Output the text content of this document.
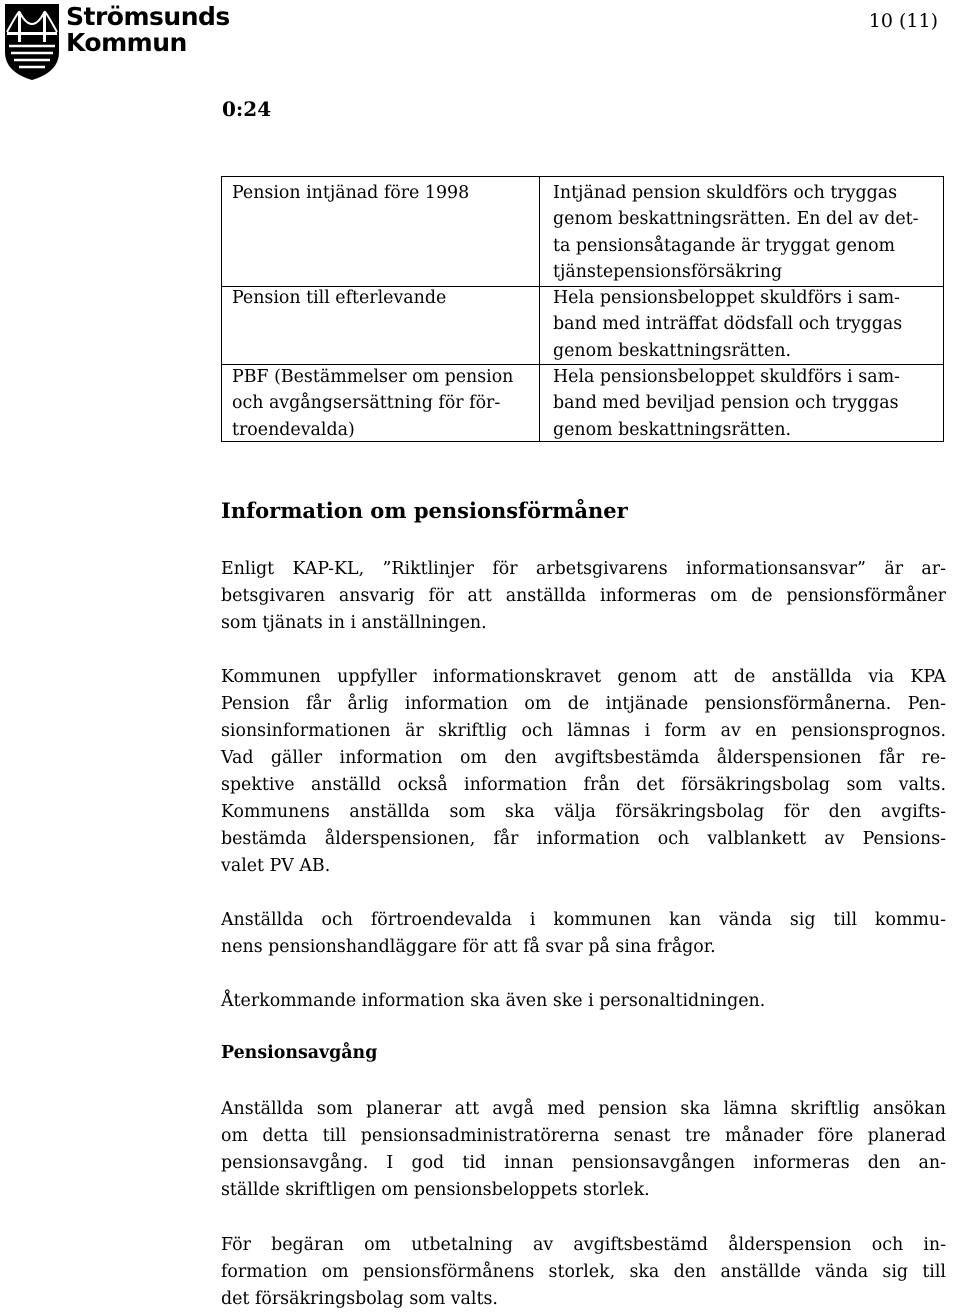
Strömsunds
Kommun
10 (11)
0:24
Pension intjänad före 1998	Intjänad pension skuldförs och tryggas
genom beskattningsrätten. En del av det-
ta pensionsåtagande är tryggat genom
tjänstepensionsförsäkring
Pension till efterlevande	Hela pensionsbeloppet skuldförs i sam-
band med inträffat dödsfall och tryggas
genom beskattningsrätten.
PBF (Bestämmelser om pension
och avgångsersättning för för-
troendevalda)
Hela pensionsbeloppet skuldförs i sam-
band med beviljad pension och tryggas
genom beskattningsrätten.
Information om pensionsförmåner
Enligt KAP-KL, ”Riktlinjer för arbetsgivarens informationsansvar” är ar-
betsgivaren ansvarig för att anställda informeras om de pensionsförmåner
som tjänats in i anställningen.
Kommunen uppfyller informationskravet genom att de anställda via KPA
Pension får årlig information om de intjänade pensionsförmånerna. Pen-
sionsinformationen är skriftlig och lämnas i form av en pensionsprognos.
Vad gäller information om den avgiftsbestämda ålderspensionen får re-
spektive anställd också information från det försäkringsbolag som valts.
Kommunens anställda som ska välja försäkringsbolag för den avgifts-
bestämda ålderspensionen, får information och valblankett av Pensions-
valet PV AB.
Anställda och förtroendevalda i kommunen kan vända sig till kommu-
nens pensionshandläggare för att få svar på sina frågor.
Återkommande information ska även ske i personaltidningen.
Pensionsavgång
Anställda som planerar att avgå med pension ska lämna skriftlig ansökan
om detta till pensionsadministratörerna senast tre månader före planerad
pensionsavgång. I god tid innan pensionsavgången informeras den an-
ställde skriftligen om pensionsbeloppets storlek.
För begäran om utbetalning av avgiftsbestämd ålderspension och in-
formation om pensionsförmånens storlek, ska den anställde vända sig till
det försäkringsbolag som valts.
